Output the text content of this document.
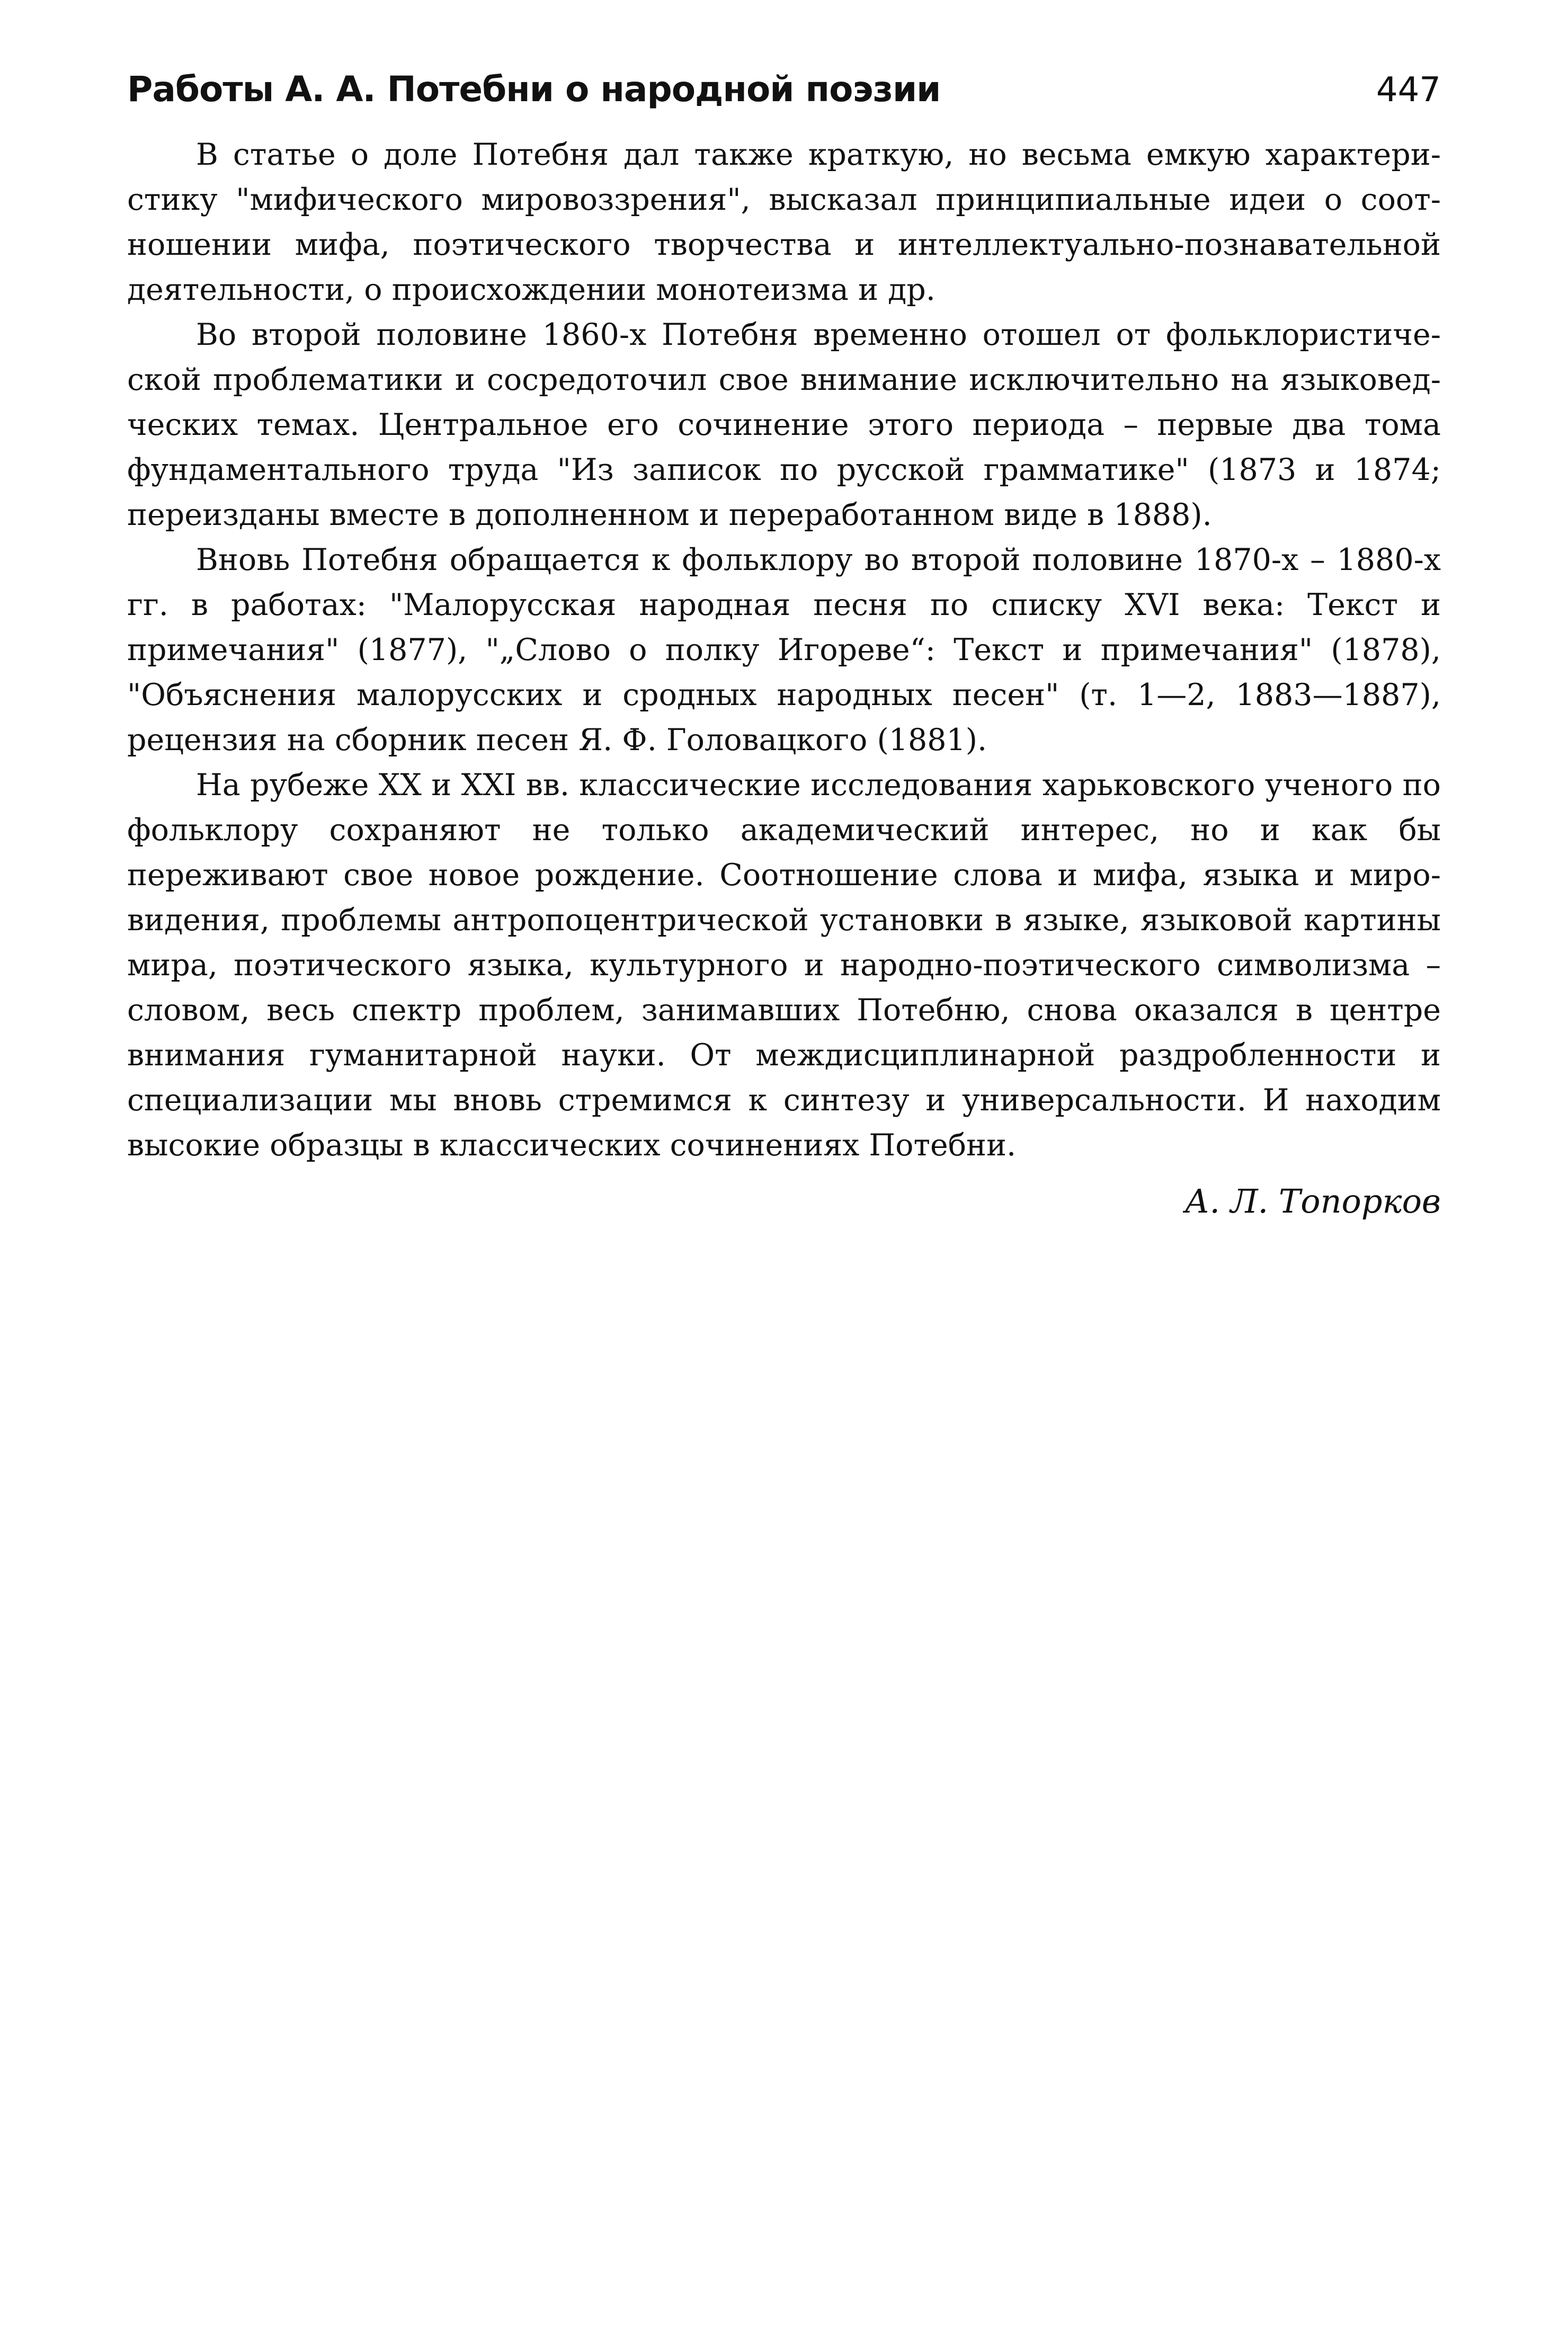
Работы А. А. Потебни о народной поэзии	447

В статье о доле Потебня дал также краткую, но весьма емкую характеристику "мифического мировоззрения", высказал принципиальные идеи о соотношении мифа, поэтического творчества и интеллектуально-познавательной деятельности, о происхождении монотеизма и др.

Во второй половине 1860-х Потебня временно отошел от фольклористической проблематики и сосредоточил свое внимание исключительно на языковедческих темах. Центральное его сочинение этого периода – первые два тома фундаментального труда "Из записок по русской грамматике" (1873 и 1874; переизданы вместе в дополненном и переработанном виде в 1888).

Вновь Потебня обращается к фольклору во второй половине 1870-х – 1880-х гг. в работах: "Малорусская народная песня по списку XVI века: Текст и примечания" (1877), "„Слово о полку Игореве“: Текст и примечания" (1878), "Объяснения малорусских и сродных народных песен" (т. 1—2, 1883—1887), рецензия на сборник песен Я. Ф. Головацкого (1881).

На рубеже XX и XXI вв. классические исследования харьковского ученого по фольклору сохраняют не только академический интерес, но и как бы переживают свое новое рождение. Соотношение слова и мифа, языка и мировидения, проблемы антропоцентрической установки в языке, языковой картины мира, поэтического языка, культурного и народно-поэтического символизма – словом, весь спектр проблем, занимавших Потебню, снова оказался в центре внимания гуманитарной науки. От междисциплинарной раздробленности и специализации мы вновь стремимся к синтезу и универсальности. И находим высокие образцы в классических сочинениях Потебни.

А. Л. Топорков
